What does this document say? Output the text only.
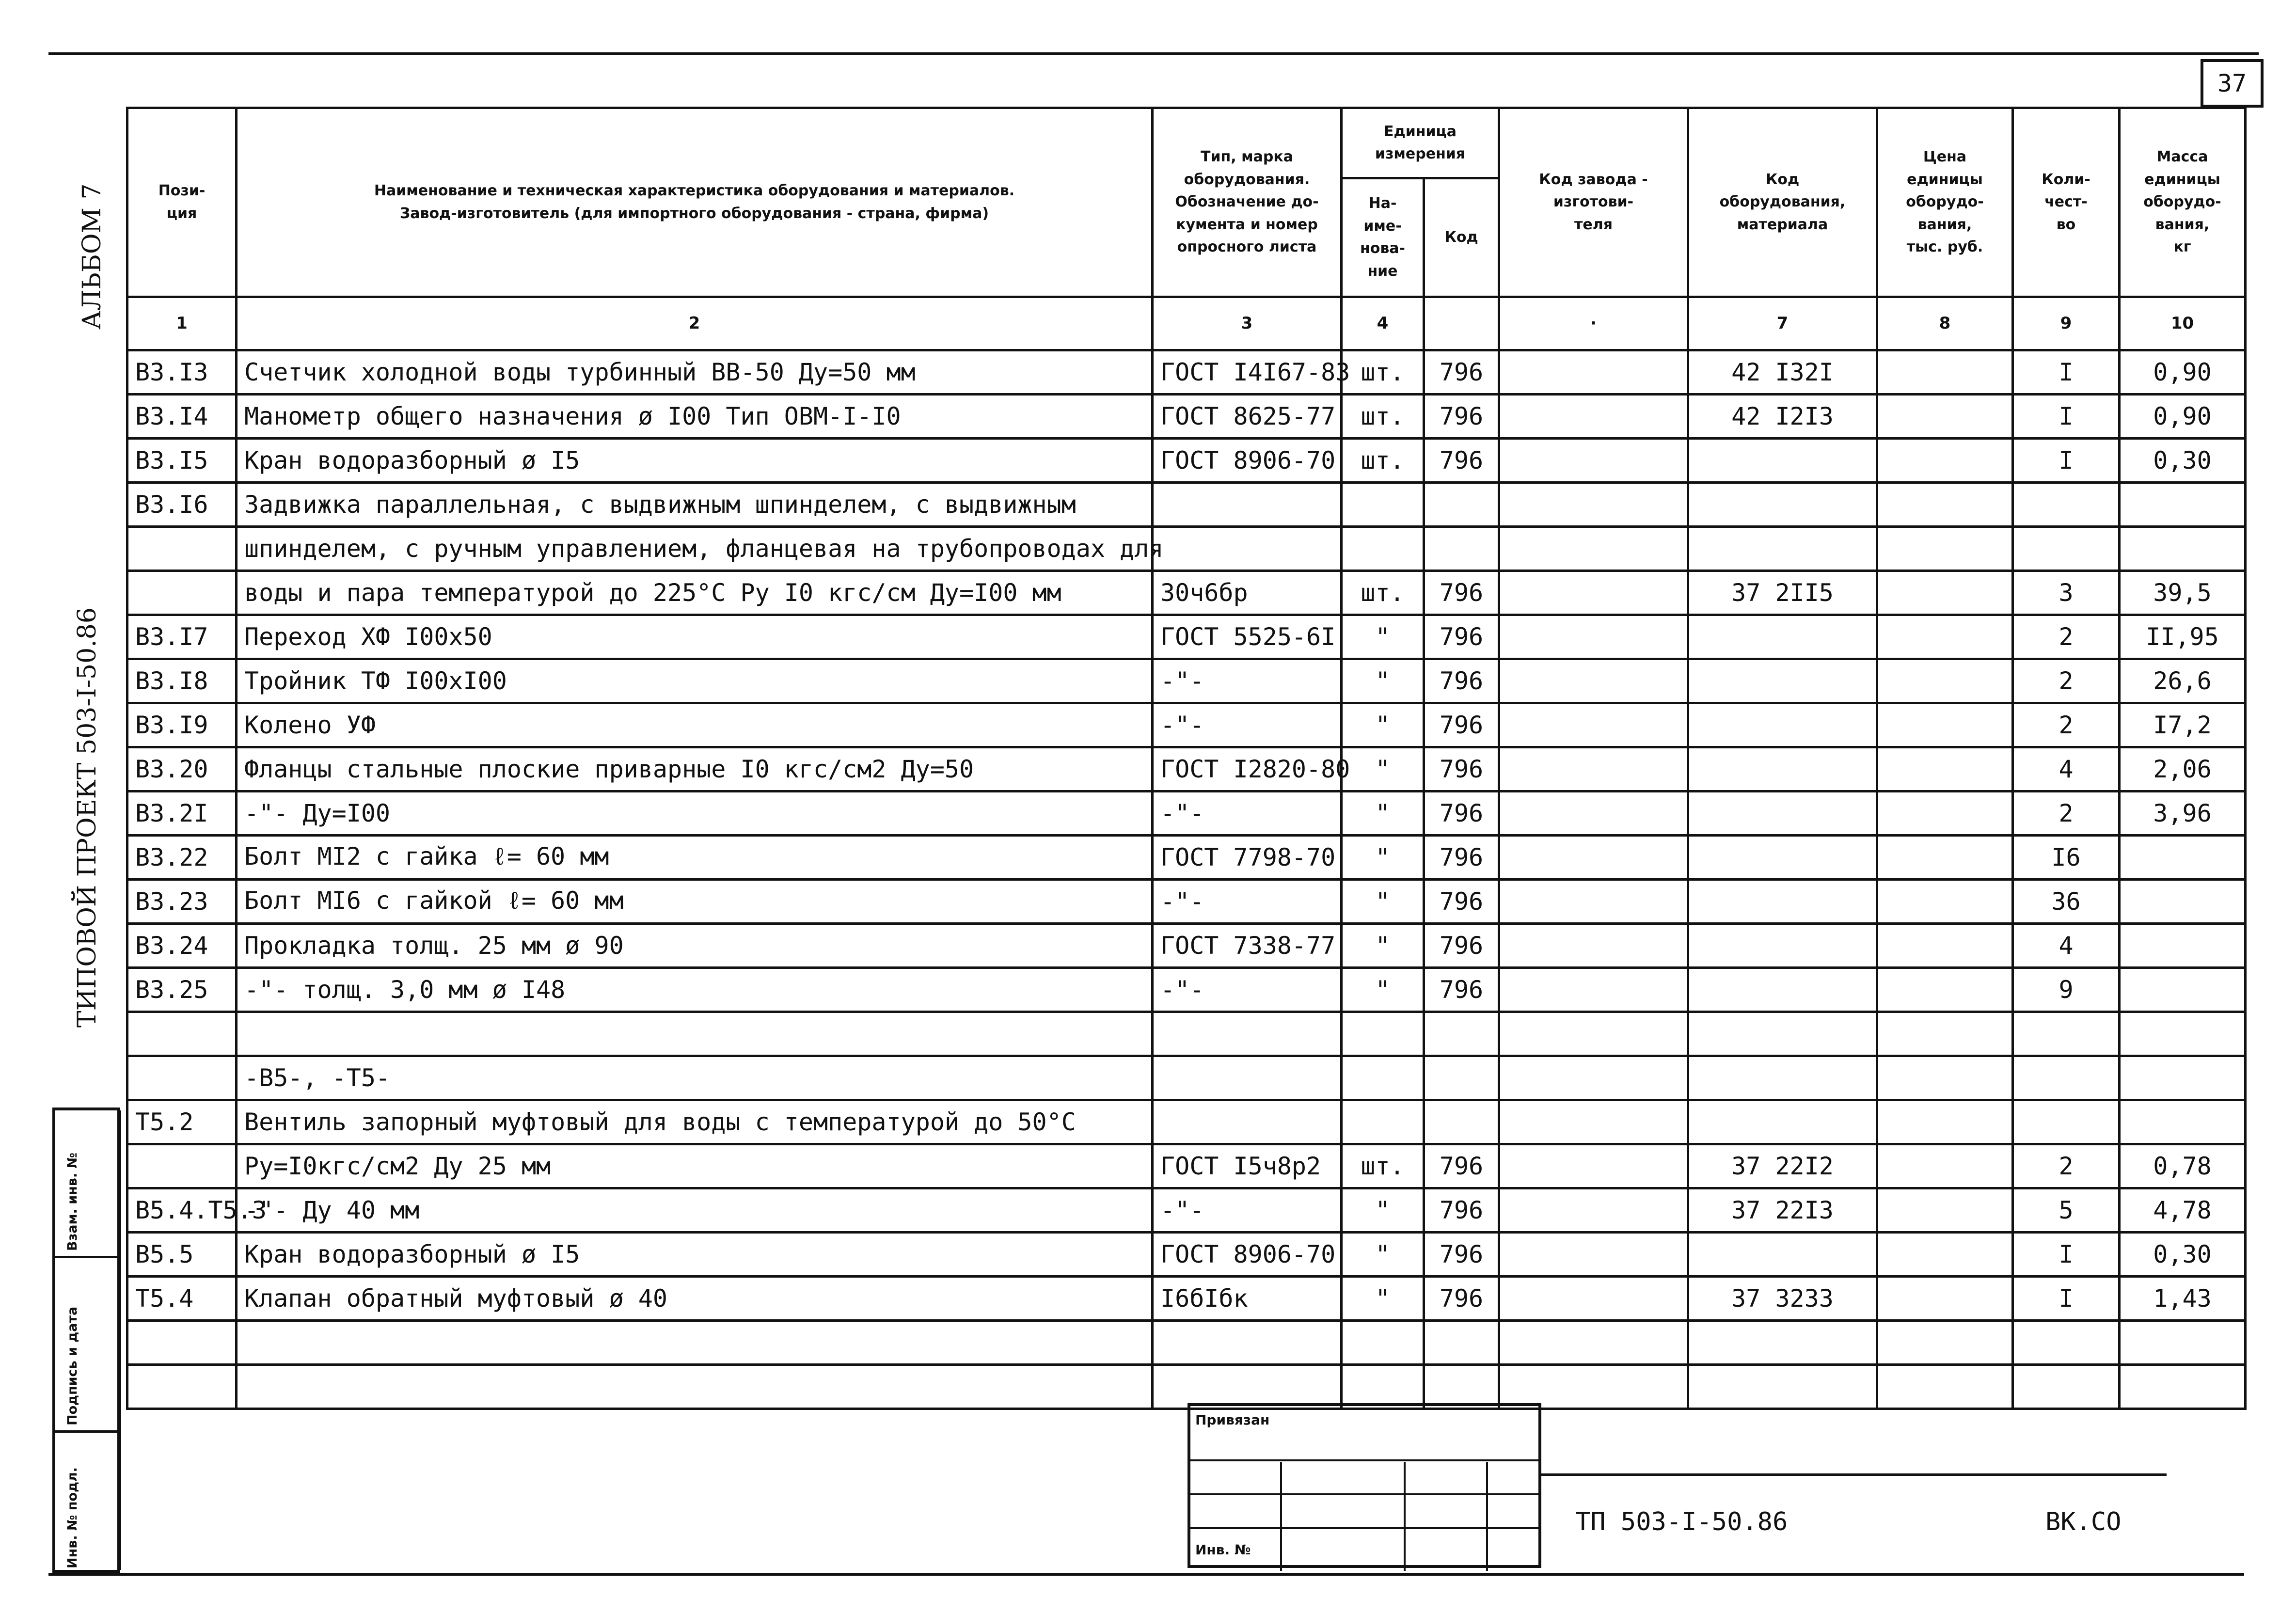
37
АЛЬБОМ 7
ТИПОВОЙ ПРОЕКТ 503-I-50.86
Пози-
ция	Наименование и техническая характеристика оборудования и материалов.
Завод-изготовитель (для импортного оборудования - страна, фирма)	Тип, марка
оборудования.
Обозначение до-
кумента и номер
опросного листа	Единица
измерения		Код завода -
изготови-
теля	Код
оборудования,
материала	Цена
единицы
оборудо-
вания,
тыс. руб.	Коли-
чест-
во	Масса
единицы
оборудо-
вания,
кг
			На-
име-
нова-
ние	Код					
1	2	3	4		·	7	8	9	10
В3.I3	Счетчик холодной воды турбинный ВВ-50 Ду=50 мм	ГОСТ I4I67-83	шт.	796		42 I32I		I	0,90
В3.I4	Манометр общего назначения ø I00 Тип ОВМ-I-I0	ГОСТ 8625-77	шт.	796		42 I2I3		I	0,90
В3.I5	Кран водоразборный ø I5	ГОСТ 8906-70	шт.	796				I	0,30
В3.I6	Задвижка параллельная, с выдвижным шпинделем, с выдвижным								
	шпинделем, с ручным управлением, фланцевая на трубопроводах для								
	воды и пара температурой до 225°С Ру I0 кгс/см Ду=I00 мм	30ч6бр	шт.	796		37 2II5		3	39,5
В3.I7	Переход ХФ I00х50	ГОСТ 5525-6I	"	796				2	II,95
В3.I8	Тройник ТФ I00хI00	-"-	"	796				2	26,6
В3.I9	Колено УФ	-"-	"	796				2	I7,2
В3.20	Фланцы стальные плоские приварные I0 кгс/см2 Ду=50	ГОСТ I2820-80	"	796				4	2,06
В3.2I	-"- Ду=I00	-"-	"	796				2	3,96
В3.22	Болт МI2 с гайка ℓ= 60 мм	ГОСТ 7798-70	"	796				I6	
В3.23	Болт МI6 с гайкой ℓ= 60 мм	-"-	"	796				36	
В3.24	Прокладка толщ. 25 мм ø 90	ГОСТ 7338-77	"	796				4	
В3.25	-"- толщ. 3,0 мм ø I48	-"-	"	796				9	

	-В5-, -Т5-								
Т5.2	Вентиль запорный муфтовый для воды с температурой до 50°С								
	Ру=I0кгс/см2 Ду 25 мм	ГОСТ I5ч8р2	шт.	796		37 22I2		2	0,78
В5.4.Т5.3	-"- Ду 40 мм	-"-	"	796		37 22I3		5	4,78
В5.5	Кран водоразборный ø I5	ГОСТ 8906-70	"	796				I	0,30
Т5.4	Клапан обратный муфтовый ø 40	I6бIбк	"	796		37 3233		I	1,43

Взам. инв. №
Подпись и дата
Инв. № подл.
Привязан
Инв. №
ТП 503-I-50.86	ВК.СО
